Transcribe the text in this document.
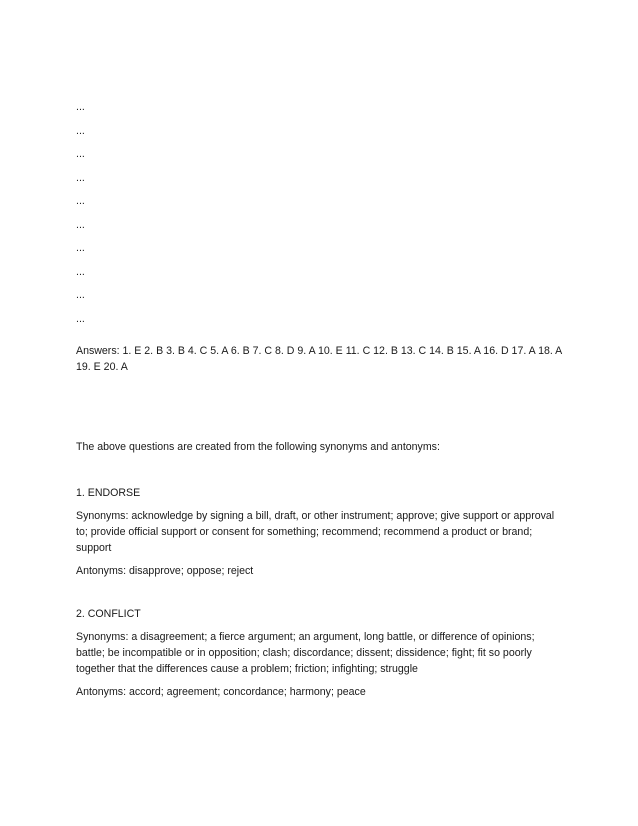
...

...

...

...

...

...

...

...

...

...

Answers: 1. E 2. B 3. B 4. C 5. A 6. B 7. C 8. D 9. A 10. E 11. C 12. B 13. C 14. B 15. A 16. D 17. A 18. A 19. E 20. A

The above questions are created from the following synonyms and antonyms:

1. ENDORSE

Synonyms: acknowledge by signing a bill, draft, or other instrument; approve; give support or approval to; provide official support or consent for something; recommend; recommend a product or brand; support

Antonyms: disapprove; oppose; reject

2. CONFLICT

Synonyms: a disagreement; a fierce argument; an argument, long battle, or difference of opinions; battle; be incompatible or in opposition; clash; discordance; dissent; dissidence; fight; fit so poorly together that the differences cause a problem; friction; infighting; struggle

Antonyms: accord; agreement; concordance; harmony; peace
